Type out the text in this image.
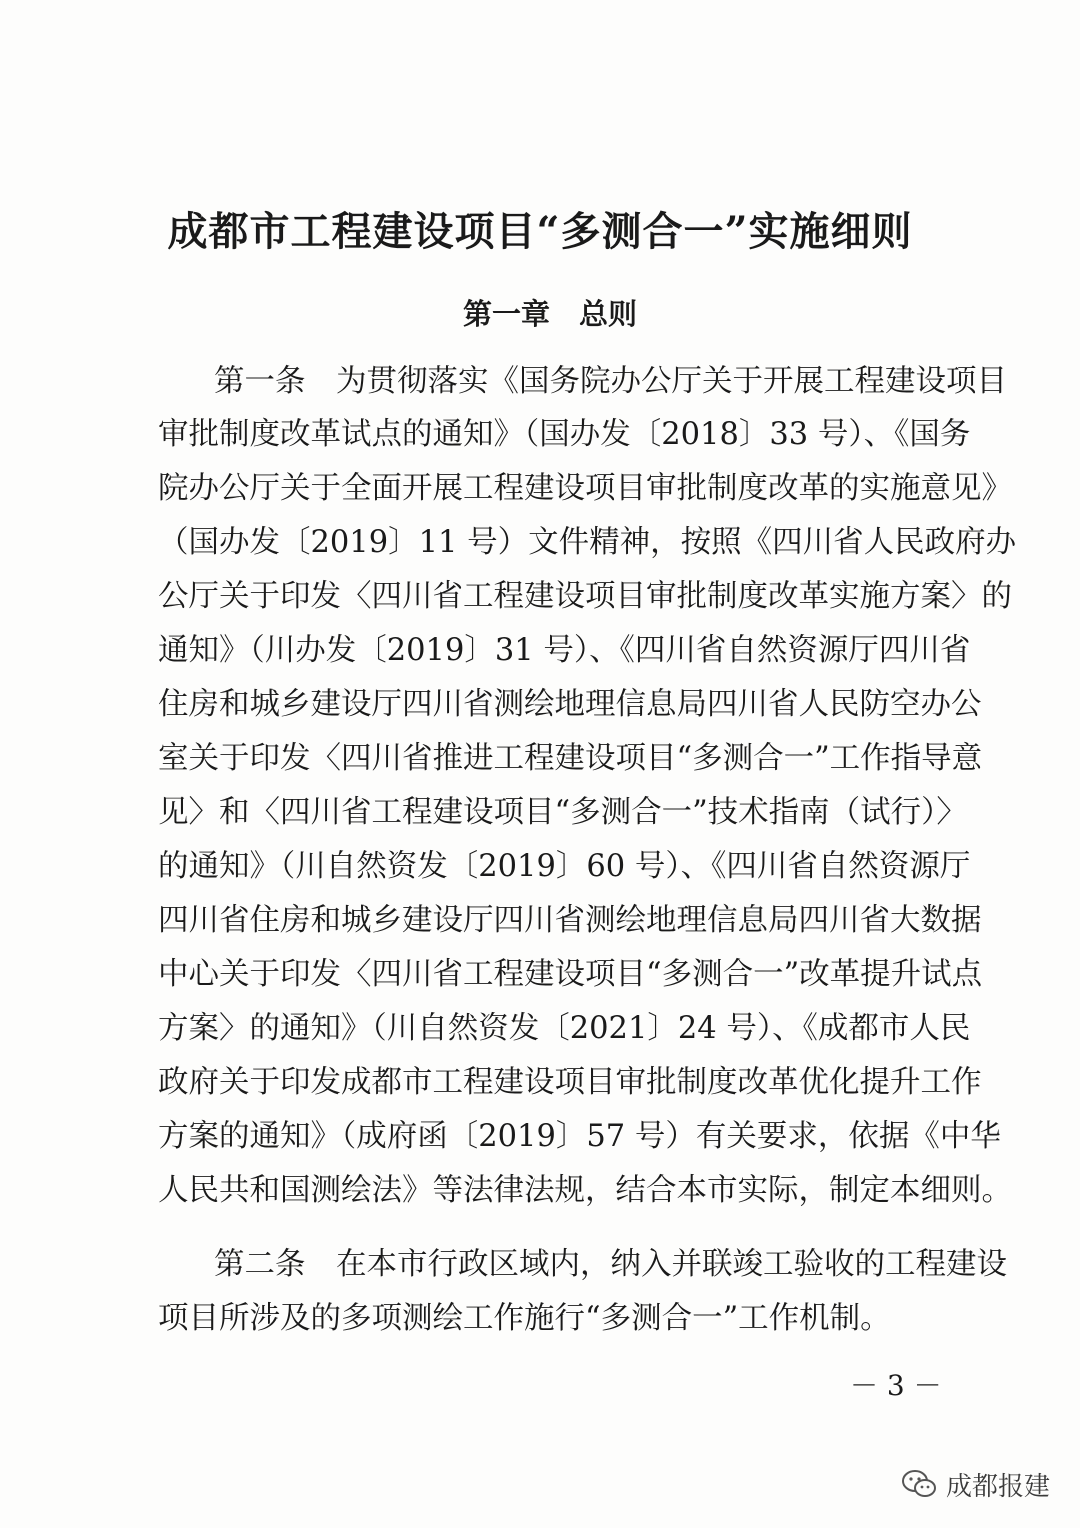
成都市工程建设项目“多测合一”实施细则
第一章　总则
第一条　为贯彻落实《国务院办公厅关于开展工程建设项目
审批制度改革试点的通知》（国办发〔2018〕33 号）、《国务
院办公厅关于全面开展工程建设项目审批制度改革的实施意见》
（国办发〔2019〕11 号）文件精神，按照《四川省人民政府办
公厅关于印发〈四川省工程建设项目审批制度改革实施方案〉的
通知》（川办发〔2019〕31 号）、《四川省自然资源厅四川省
住房和城乡建设厅四川省测绘地理信息局四川省人民防空办公
室关于印发〈四川省推进工程建设项目“多测合一”工作指导意
见〉和〈四川省工程建设项目“多测合一”技术指南（试行）〉
的通知》（川自然资发〔2019〕60 号）、《四川省自然资源厅
四川省住房和城乡建设厅四川省测绘地理信息局四川省大数据
中心关于印发〈四川省工程建设项目“多测合一”改革提升试点
方案〉的通知》（川自然资发〔2021〕24 号）、《成都市人民
政府关于印发成都市工程建设项目审批制度改革优化提升工作
方案的通知》（成府函〔2019〕57 号）有关要求，依据《中华
人民共和国测绘法》等法律法规，结合本市实际，制定本细则。
第二条　在本市行政区域内，纳入并联竣工验收的工程建设
项目所涉及的多项测绘工作施行“多测合一”工作机制。
－ 3 －
成都报建
